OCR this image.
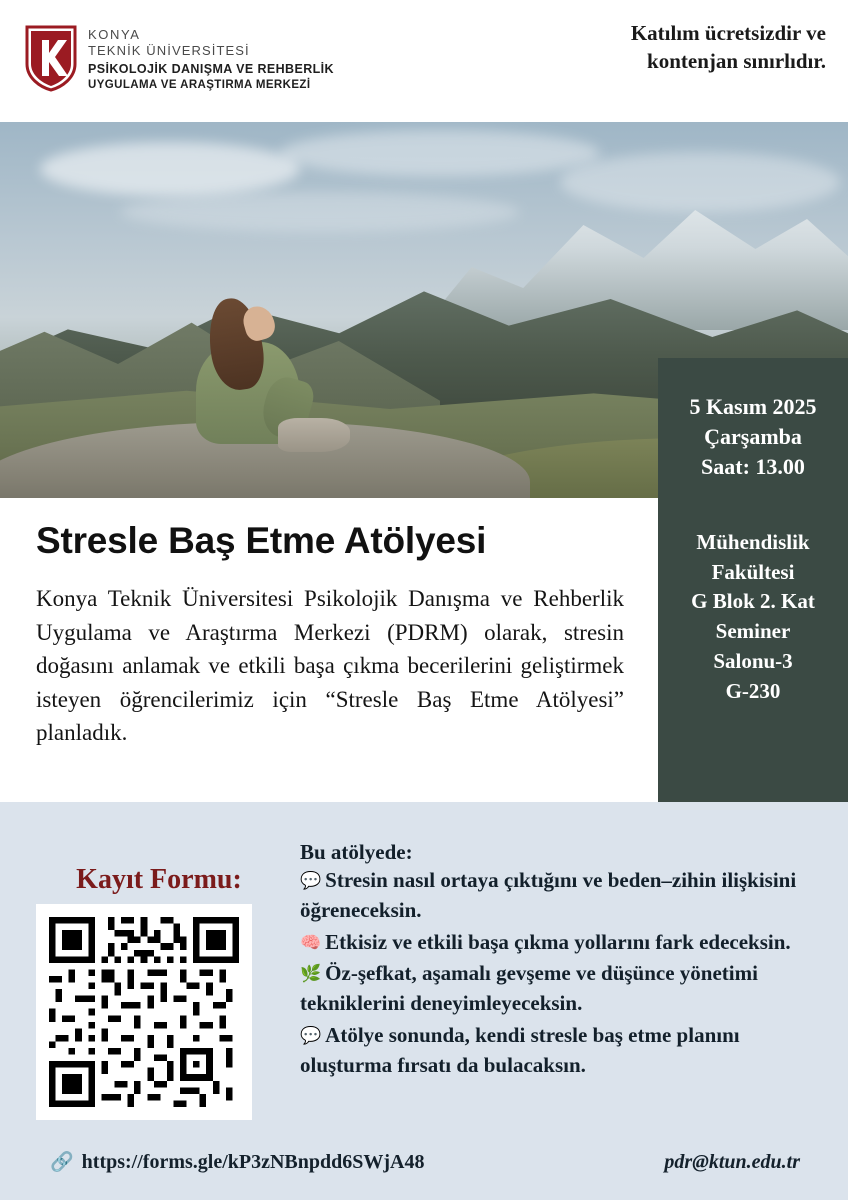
KONYA
TEKNİK ÜNİVERSİTESİ
PSİKOLOJİK DANIŞMA VE REHBERLİK
UYGULAMA VE ARAŞTIRMA MERKEZİ
Katılım ücretsizdir ve kontenjan sınırlıdır.
5 Kasım 2025
Çarşamba
Saat: 13.00
Mühendislik
Fakültesi
G Blok 2. Kat
Seminer
Salonu-3
G-230
Stresle Baş Etme Atölyesi
Konya Teknik Üniversitesi Psikolojik Danışma ve Rehberlik Uygulama ve Araştırma Merkezi (PDRM) olarak, stresin doğasını anlamak ve etkili başa çıkma becerilerini geliştirmek isteyen öğrencilerimiz için “Stresle Baş Etme Atölyesi” planladık.
Kayıt Formu:
Bu atölyede:
💬 Stresin nasıl ortaya çıktığını ve beden–zihin ilişkisini öğreneceksin.
🧠 Etkisiz ve etkili başa çıkma yollarını fark edeceksin.
🌿 Öz-şefkat, aşamalı gevşeme ve düşünce yönetimi tekniklerini deneyimleyeceksin.
💬 Atölye sonunda, kendi stresle baş etme planını oluşturma fırsatı da bulacaksın.
🔗 https://forms.gle/kP3zNBnpdd6SWjA48	pdr@ktun.edu.tr
